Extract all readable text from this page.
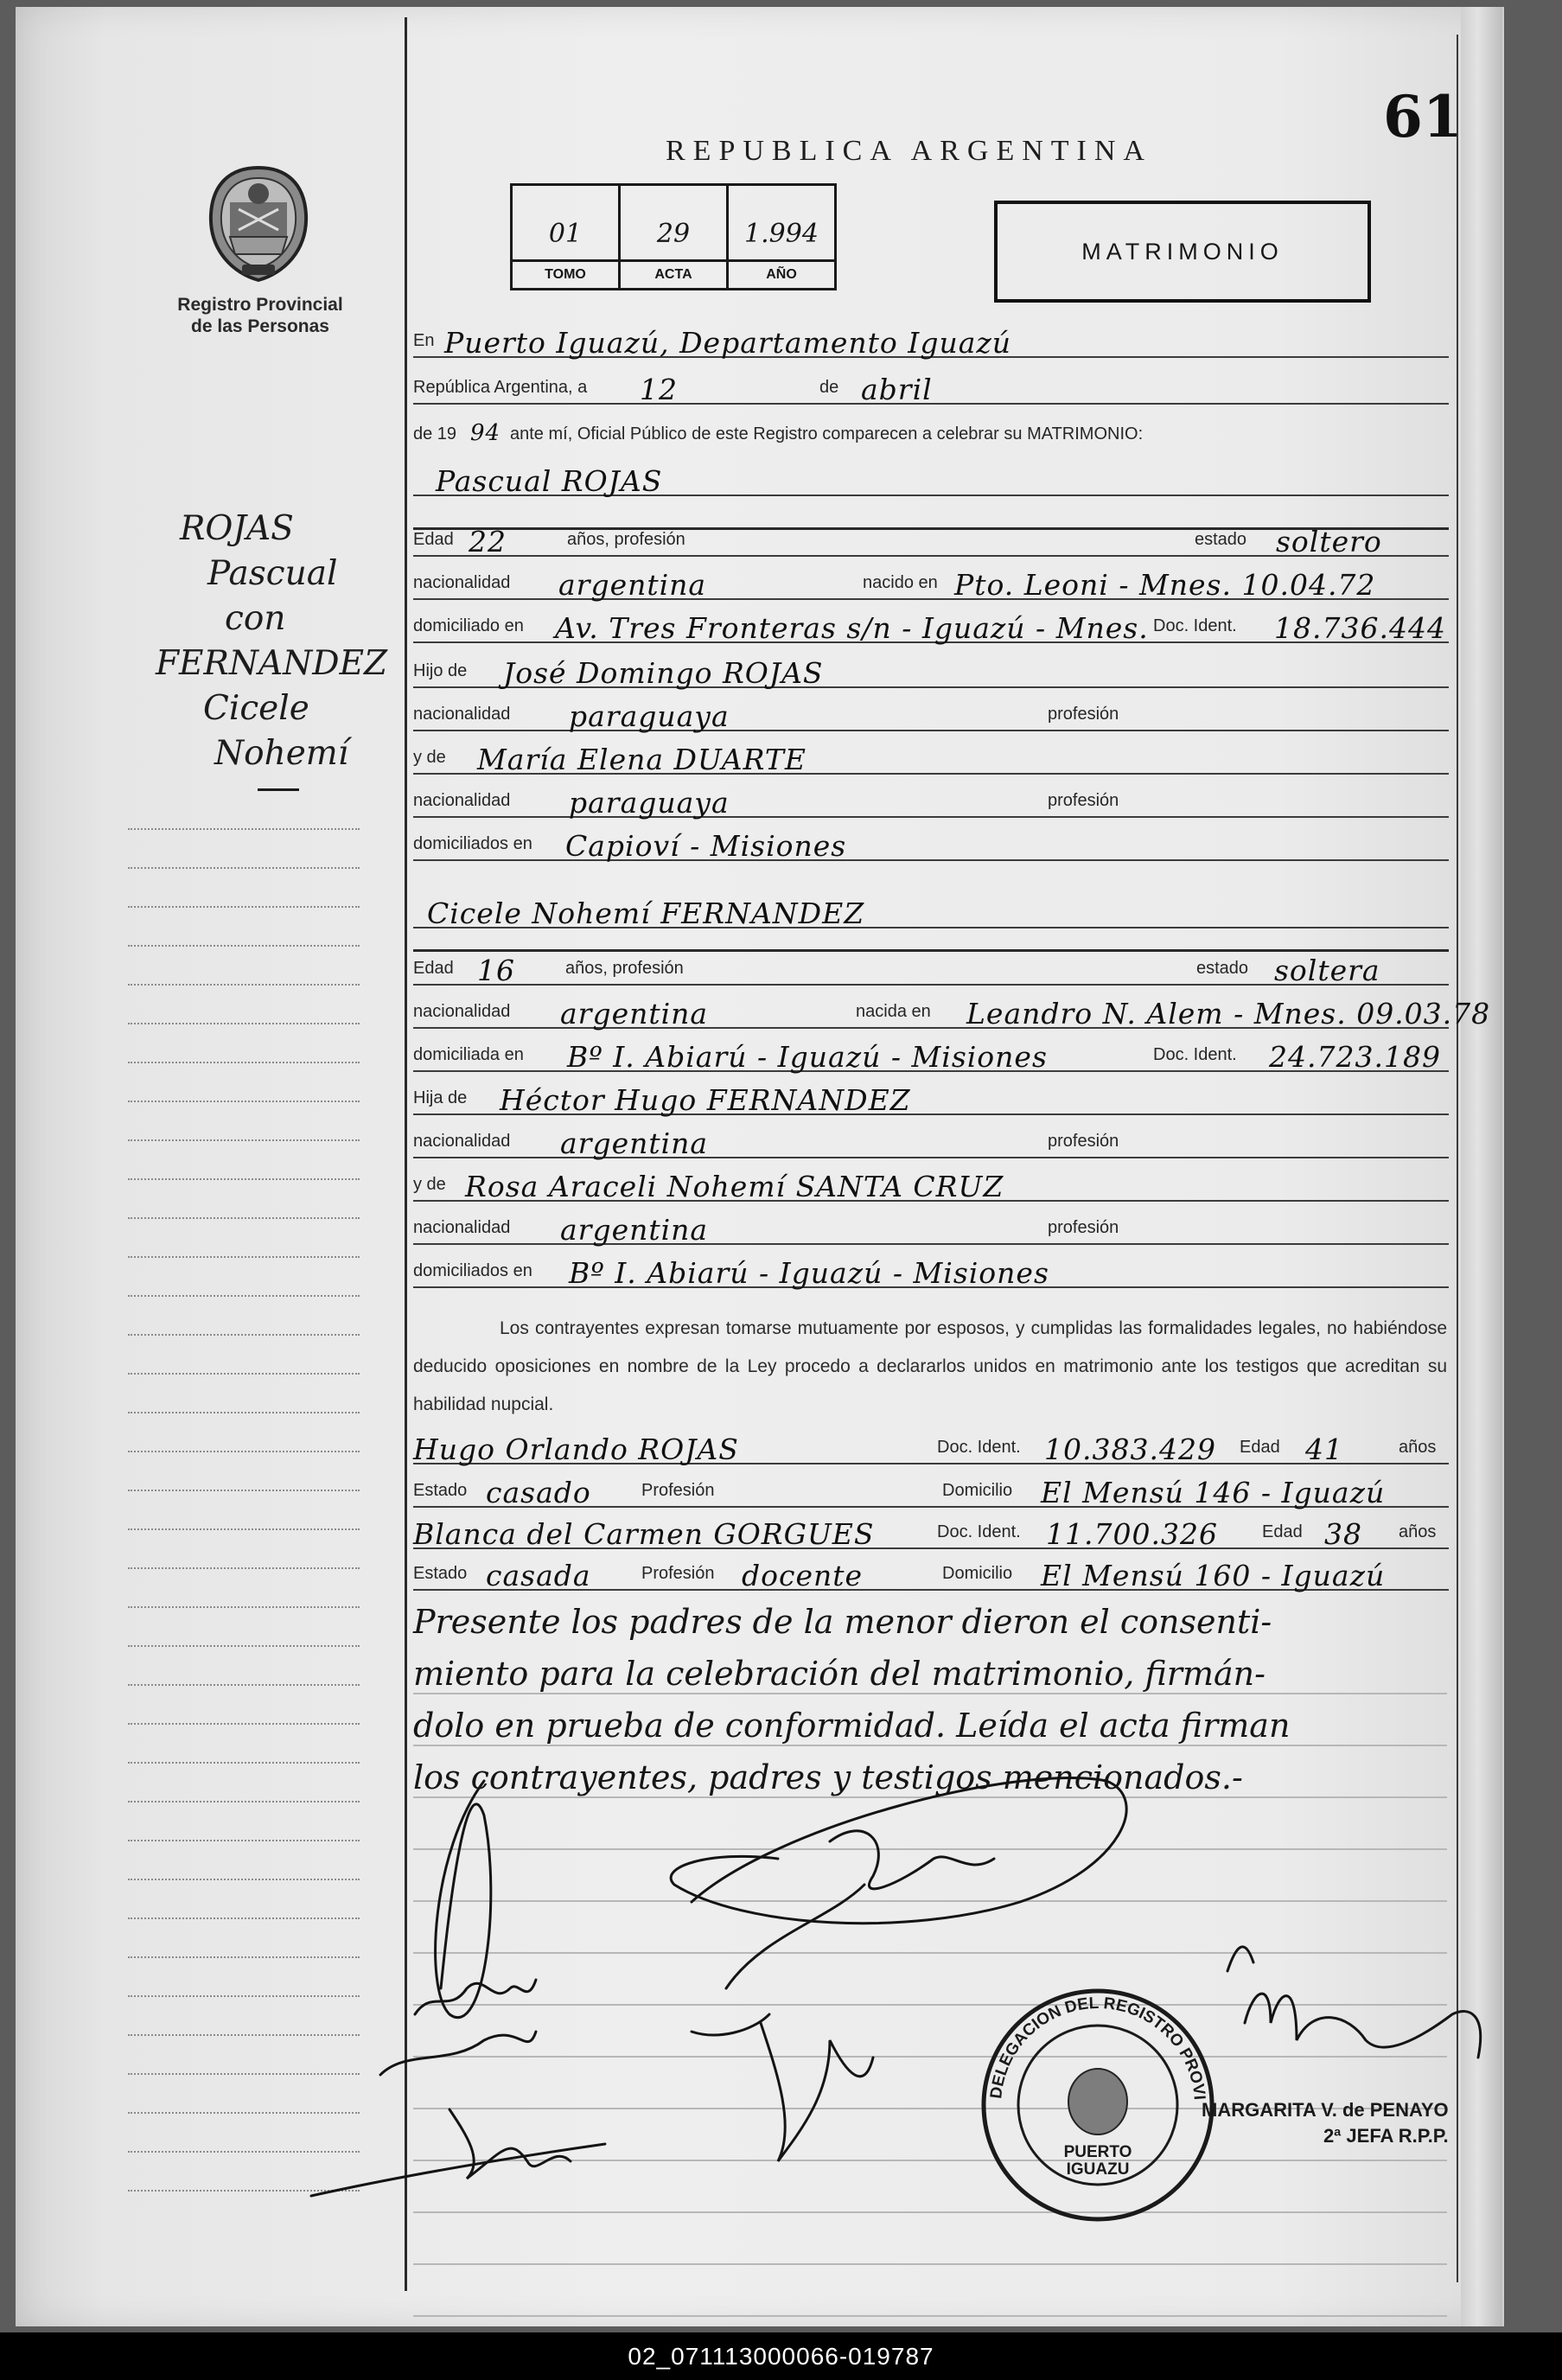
Registro Provincial
de las Personas
ROJAS
Pascual
con
FERNANDEZ
Cicele
Nohemí
61
REPUBLICA ARGENTINA
01
TOMO
29
ACTA
1.994
AÑO
MATRIMONIO
En Puerto Iguazú, Departamento Iguazú
República Argentina, a 12	de abril
de 19 94 ante mí, Oficial Público de este Registro comparecen a celebrar su MATRIMONIO:
Pascual ROJAS
Edad 22	años, profesión	estado soltero
nacionalidad argentina	nacido en Pto. Leoni - Mnes. 10.04.72
domiciliado en Av. Tres Fronteras s/n - Iguazú - Mnes. Doc. Ident. 18.736.444
Hijo de José Domingo ROJAS
nacionalidad paraguaya	profesión
y de María Elena DUARTE
nacionalidad paraguaya	profesión
domiciliados en Capioví - Misiones
Cicele Nohemí FERNANDEZ
Edad 16	años, profesión	estado soltera
nacionalidad argentina	nacida en Leandro N. Alem - Mnes. 09.03.78
domiciliada en Bº I. Abiarú - Iguazú - Misiones	Doc. Ident. 24.723.189
Hija de Héctor Hugo FERNANDEZ
nacionalidad argentina	profesión
y de Rosa Araceli Nohemí SANTA CRUZ
nacionalidad argentina	profesión
domiciliados en Bº I. Abiarú - Iguazú - Misiones
Los contrayentes expresan tomarse mutuamente por esposos, y cumplidas las formalidades legales, no habiéndose deducido oposiciones en nombre de la Ley procedo a declararlos unidos en matrimonio ante los testigos que acreditan su habilidad nupcial.
Hugo Orlando ROJAS	Doc. Ident. 10.383.429 Edad 41	años
Estado casado	Profesión	Domicilio El Mensú 146 - Iguazú
Blanca del Carmen GORGUES	Doc. Ident. 11.700.326	Edad 38 años
Estado casada	Profesión docente	Domicilio El Mensú 160 - Iguazú
Presente los padres de la menor dieron el consenti-
miento para la celebración del matrimonio, firmán-
dolo en prueba de conformidad. Leída el acta firman
los contrayentes, padres y testigos mencionados.-
DELEGACION DEL REGISTRO PROVI
PUERTO
IGUAZU
MARGARITA V. de PENAYO
2ª JEFA R.P.P.
02_071113000066-019787
